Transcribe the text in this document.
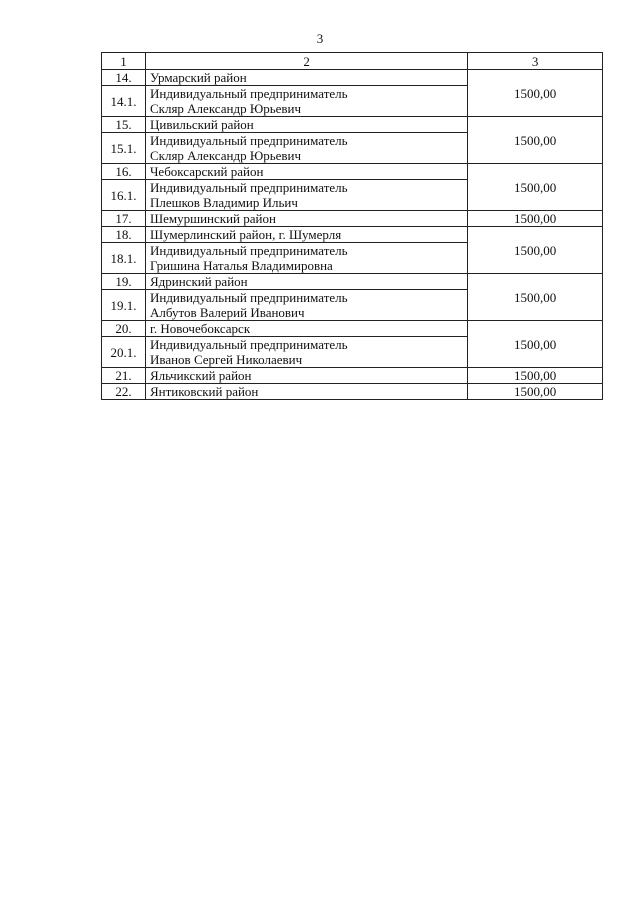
3
1	2	3
14.	Урмарский район	1500,00
14.1.	Индивидуальный предприниматель
Скляр Александр Юрьевич	

15.	Цивильский район	1500,00
15.1.	Индивидуальный предприниматель
Скляр Александр Юрьевич	

16.	Чебоксарский район	1500,00
16.1.	Индивидуальный предприниматель
Плешков Владимир Ильич	

17.	Шемуршинский район	1500,00
18.	Шумерлинский район, г. Шумерля	1500,00
18.1.	Индивидуальный предприниматель
Гришина Наталья Владимировна	

19.	Ядринский район	1500,00
19.1.	Индивидуальный предприниматель
Албутов Валерий Иванович	

20.	г. Новочебоксарск	1500,00
20.1.	Индивидуальный предприниматель
Иванов Сергей Николаевич	

21.	Яльчикский район	1500,00
22.	Янтиковский район	1500,00
